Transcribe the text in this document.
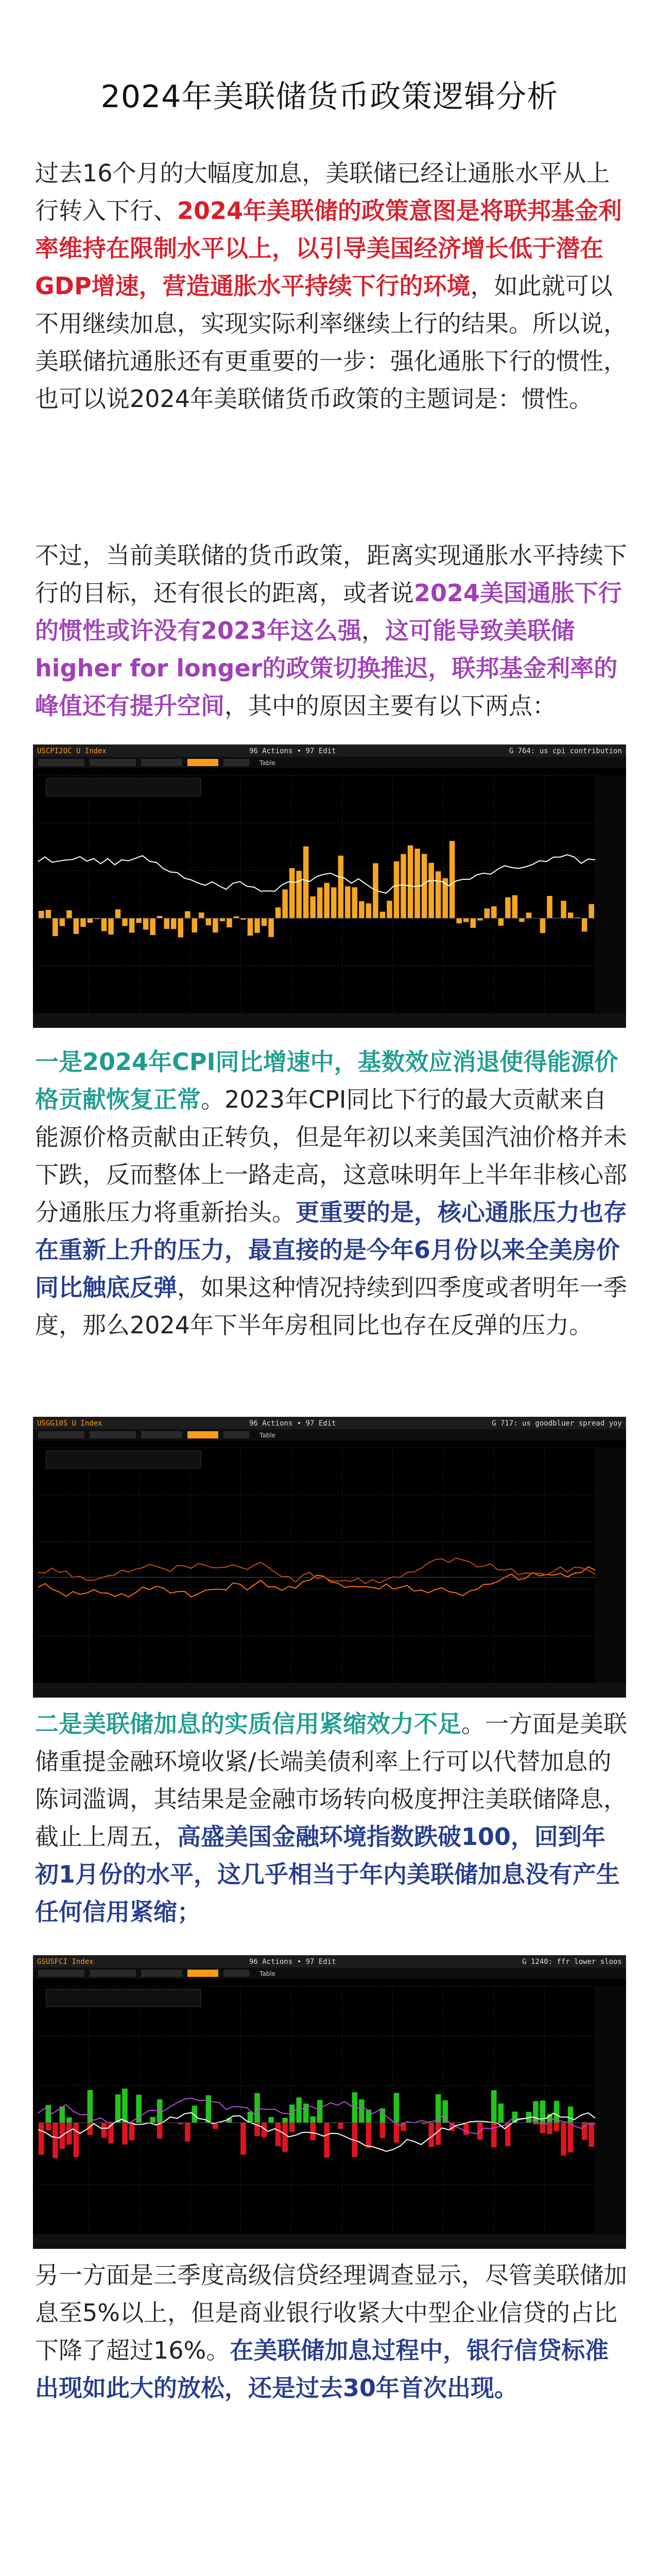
2024年美联储货币政策逻辑分析
过去16个月的大幅度加息，美联储已经让通胀水平从上行转入下行、2024年美联储的政策意图是将联邦基金利率维持在限制水平以上，以引导美国经济增长低于潜在GDP增速，营造通胀水平持续下行的环境，如此就可以不用继续加息，实现实际利率继续上行的结果。所以说，美联储抗通胀还有更重要的一步：强化通胀下行的惯性，也可以说2024年美联储货币政策的主题词是：惯性。
不过，当前美联储的货币政策，距离实现通胀水平持续下行的目标，还有很长的距离，或者说2024美国通胀下行的惯性或许没有2023年这么强，这可能导致美联储higher for longer的政策切换推迟，联邦基金利率的峰值还有提升空间，其中的原因主要有以下两点：
USCPI2OC U Index	96 Actions • 97 Edit	G 764: us cpi contribution
Table
一是2024年CPI同比增速中，基数效应消退使得能源价格贡献恢复正常。2023年CPI同比下行的最大贡献来自能源价格贡献由正转负，但是年初以来美国汽油价格并未下跌，反而整体上一路走高，这意味明年上半年非核心部分通胀压力将重新抬头。更重要的是，核心通胀压力也存在重新上升的压力，最直接的是今年6月份以来全美房价同比触底反弹，如果这种情况持续到四季度或者明年一季度，那么2024年下半年房租同比也存在反弹的压力。
USGG10S U Index	96 Actions • 97 Edit	G 717: us goodbluer spread yoy
Table
二是美联储加息的实质信用紧缩效力不足。一方面是美联储重提金融环境收紧/长端美债利率上行可以代替加息的陈词滥调，其结果是金融市场转向极度押注美联储降息，截止上周五，高盛美国金融环境指数跌破100，回到年初1月份的水平，这几乎相当于年内美联储加息没有产生任何信用紧缩；
GSUSFCI Index	96 Actions • 97 Edit	G 1240: ffr lower sloos
Table
另一方面是三季度高级信贷经理调查显示，尽管美联储加息至5%以上，但是商业银行收紧大中型企业信贷的占比下降了超过16%。在美联储加息过程中，银行信贷标准出现如此大的放松，还是过去30年首次出现。
